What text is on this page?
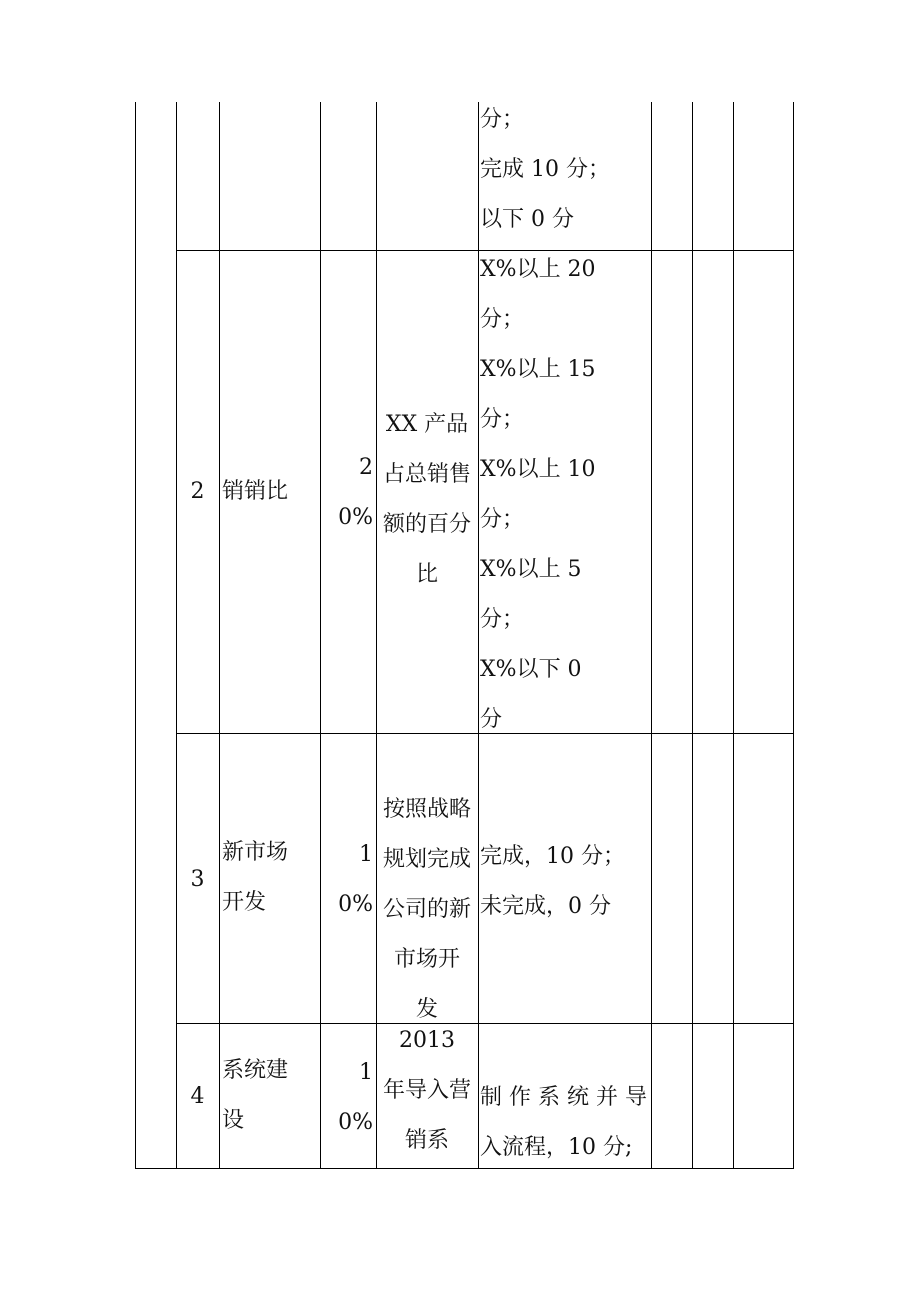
分；
完成 10 分；
以下 0 分
2 销销比
2
0%
XX 产品
占总销售
额的百分
比
X%以上 20
分；
X%以上 15
分；
X%以上 10
分；
X%以上 5
分；
X%以下 0
分
3
新市场
开发
1
0%
按照战略
规划完成
公司的新
市场开
发
完成，10 分；
未完成，0 分
4
系统建
设
1
0%
2013
年导入营
销系
制 作 系 统 并 导
入流程，10 分;
